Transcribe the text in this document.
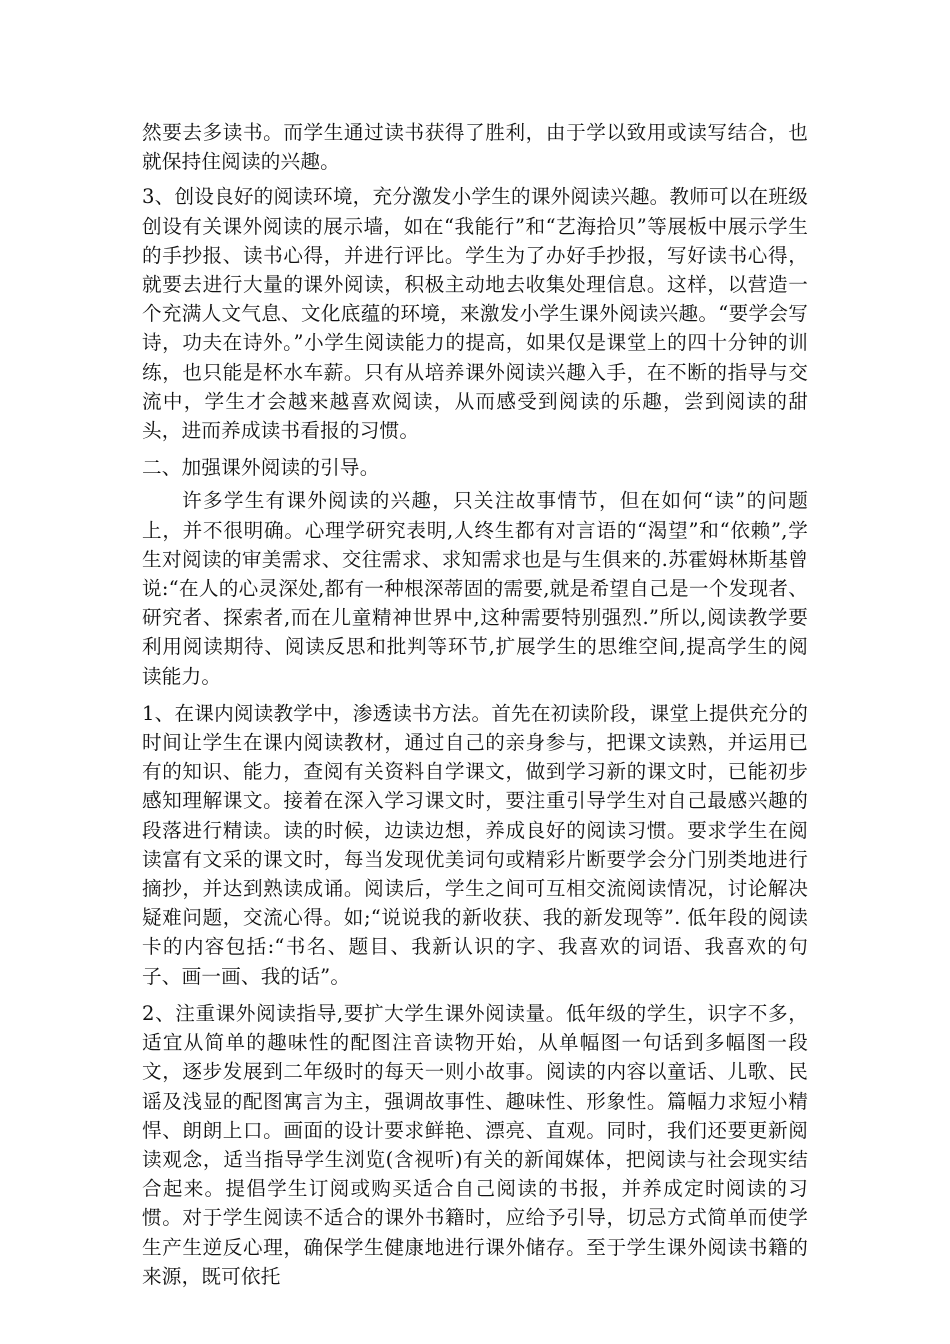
然要去多读书。而学生通过读书获得了胜利，由于学以致用或读写结合，也就保持住阅读的兴趣。

3、创设良好的阅读环境，充分激发小学生的课外阅读兴趣。教师可以在班级创设有关课外阅读的展示墙，如在“我能行”和“艺海拾贝”等展板中展示学生的手抄报、读书心得，并进行评比。学生为了办好手抄报，写好读书心得，就要去进行大量的课外阅读，积极主动地去收集处理信息。这样，以营造一个充满人文气息、文化底蕴的环境，来激发小学生课外阅读兴趣。“要学会写诗，功夫在诗外。”小学生阅读能力的提高，如果仅是课堂上的四十分钟的训练，也只能是杯水车薪。只有从培养课外阅读兴趣入手，在不断的指导与交流中，学生才会越来越喜欢阅读，从而感受到阅读的乐趣，尝到阅读的甜头，进而养成读书看报的习惯。

二、加强课外阅读的引导。

许多学生有课外阅读的兴趣，只关注故事情节，但在如何“读”的问题上，并不很明确。心理学研究表明,人终生都有对言语的“渴望”和“依赖”,学生对阅读的审美需求、交往需求、求知需求也是与生俱来的.苏霍姆林斯基曾说:“在人的心灵深处,都有一种根深蒂固的需要,就是希望自己是一个发现者、研究者、探索者,而在儿童精神世界中,这种需要特别强烈.”所以,阅读教学要利用阅读期待、阅读反思和批判等环节,扩展学生的思维空间,提高学生的阅读能力。

1、在课内阅读教学中，渗透读书方法。首先在初读阶段，课堂上提供充分的时间让学生在课内阅读教材，通过自己的亲身参与，把课文读熟，并运用已有的知识、能力，查阅有关资料自学课文，做到学习新的课文时，已能初步感知理解课文。接着在深入学习课文时，要注重引导学生对自己最感兴趣的段落进行精读。读的时候，边读边想，养成良好的阅读习惯。要求学生在阅读富有文采的课文时，每当发现优美词句或精彩片断要学会分门别类地进行摘抄，并达到熟读成诵。阅读后，学生之间可互相交流阅读情况，讨论解决疑难问题，交流心得。如;“说说我的新收获、我的新发现等”. 低年段的阅读卡的内容包括:“书名、题目、我新认识的字、我喜欢的词语、我喜欢的句子、画一画、我的话”。

2、注重课外阅读指导,要扩大学生课外阅读量。低年级的学生，识字不多，适宜从简单的趣味性的配图注音读物开始，从单幅图一句话到多幅图一段文，逐步发展到二年级时的每天一则小故事。阅读的内容以童话、儿歌、民谣及浅显的配图寓言为主，强调故事性、趣味性、形象性。篇幅力求短小精悍、朗朗上口。画面的设计要求鲜艳、漂亮、直观。同时，我们还要更新阅读观念，适当指导学生浏览(含视听)有关的新闻媒体，把阅读与社会现实结合起来。提倡学生订阅或购买适合自己阅读的书报，并养成定时阅读的习惯。对于学生阅读不适合的课外书籍时，应给予引导，切忌方式简单而使学生产生逆反心理，确保学生健康地进行课外储存。至于学生课外阅读书籍的来源，既可依托
